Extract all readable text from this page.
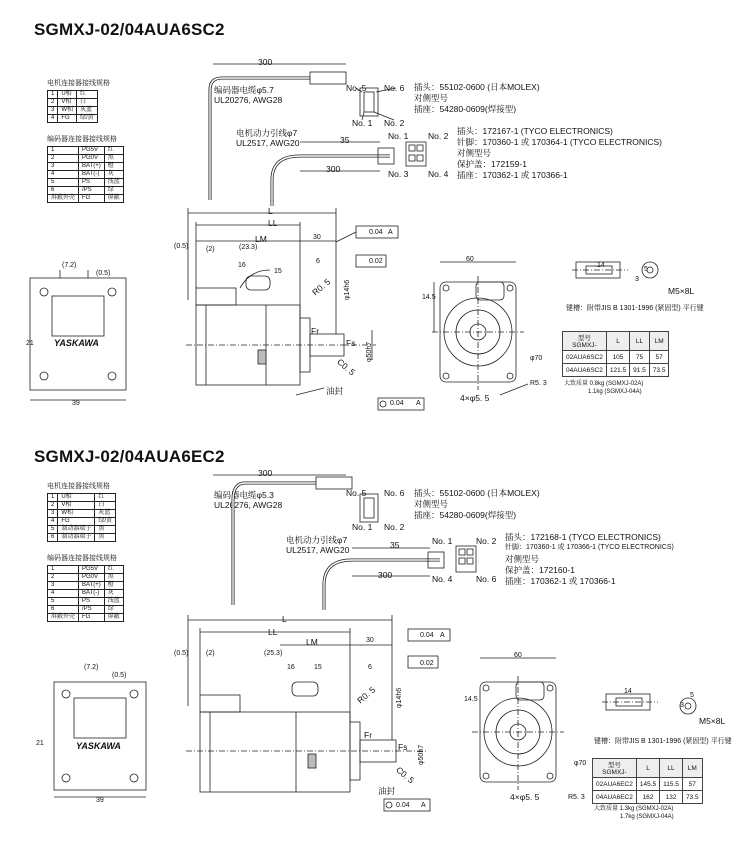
SGMXJ-02/04AUA6SC2
电机连接器接线规格
1	U相	红
2	V相	白
3	W相	灰蓝
4	FG	绿/黄
编码器连接器接线规格
1	PG5V	红
2	PG0V	黑
3	BAT(+)	橙
4	BAT(-)	灰
5	PS	浅蓝
6	/PS	绿
屏蔽外壳	FG	屏蔽
300
编码器电缆φ5.7
UL20276, AWG28
No. 5 No. 6
No. 1 No. 2
插头：55102-0600 (日本MOLEX)
对侧型号
插座：54280-0609(焊接型)
电机动力引线φ7
UL2517, AWG20
No. 1 No. 2
No. 3 No. 4
插头：172167-1 (TYCO ELECTRONICS)
针脚：170360-1 或 170364-1 (TYCO ELECTRONICS)
对侧型号
保护盖：172159-1
插座：170362-1 或 170366-1
35
300
L
LL
LM
(0.5)	(2)	(23.3)
16
15
30
6
0.04 A
0.02
R0. 5
C0. 5
Fr
Fs
φ14h6
φ50h7
油封
0.04 A
(7.2)
(0.5)
21
39
YASKAWA
60
14.5
4×φ5. 5
R5. 3
φ70
14
5
3
M5×8L
键槽：附带JIS B 1301-1996 (紧固型) 平行键
型号
SGMXJ-	L	LL	LM
02AUA6SC2	105	75	57
04AUA6SC2	121.5	91.5	73.5
大致质量 0.8kg (SGMXJ-02A)
1.1kg (SGMXJ-04A)
SGMXJ-02/04AUA6EC2
电机连接器接线规格
1	U相	红
2	V相	白
3	W相	灰蓝
4	FG	绿/黄
5	制动器端子	黑
6	制动器端子	黑
编码器连接器接线规格
1	PG5V	红
2	PG0V	黑
3	BAT(+)	橙
4	BAT(-)	灰
5	PS	浅蓝
6	/PS	绿
屏蔽外壳	FG	屏蔽
300
编码器电缆φ5.3
UL20276, AWG28
No. 5 No. 6
No. 1 No. 2
插头：55102-0600 (日本MOLEX)
对侧型号
插座：54280-0609(焊接型)
电机动力引线φ7
UL2517, AWG20
No. 1	No. 2
No. 4	No. 6
插头：172168-1 (TYCO ELECTRONICS)
针脚：170360-1 或 170366-1 (TYCO ELECTRONICS)
对侧型号
保护盖：172160-1
插座：170362-1 或 170366-1
35
300
L
LL
LM
(0.5)	(2)	(25.3)
16	15
30
6
0.04 A
0.02
R0. 5
C0. 5
Fr
Fs
φ14h6
φ50h7
油封
0.04 A
(7.2)
(0.5)
21
39
YASKAWA
60
14.5
4×φ5. 5	R5. 3
φ70
14
5
3
M5×8L
键槽：附带JIS B 1301-1996 (紧固型) 平行键
型号
SGMXJ-	L	LL	LM
02AUA6EC2	145.5	115.5	57
04AUA6EC2	162	132	73.5
大致质量 1.3kg (SGMXJ-02A)
1.7kg (SGMXJ-04A)
